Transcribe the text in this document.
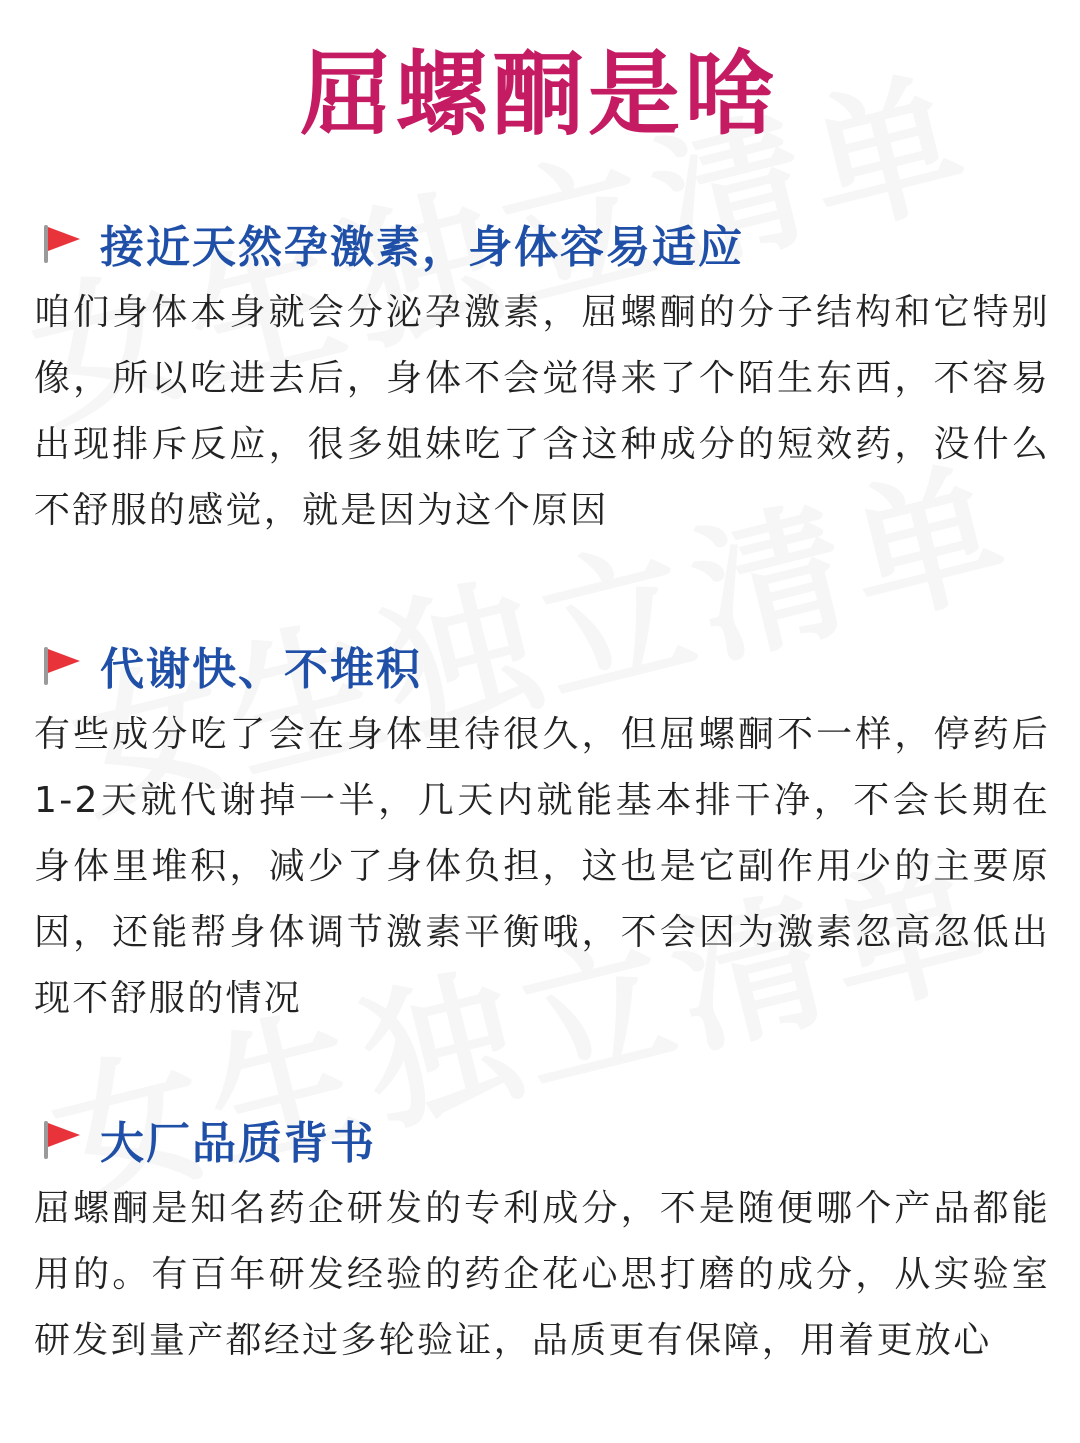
屈螺酮是啥
接近天然孕激素，身体容易适应
咱们身体本身就会分泌孕激素，屈螺酮的分子结构和它特别像，所以吃进去后，身体不会觉得来了个陌生东西，不容易出现排斥反应，很多姐妹吃了含这种成分的短效药，没什么不舒服的感觉，就是因为这个原因
代谢快、不堆积
有些成分吃了会在身体里待很久，但屈螺酮不一样，停药后1-2天就代谢掉一半，几天内就能基本排干净，不会长期在身体里堆积，减少了身体负担，这也是它副作用少的主要原因，还能帮身体调节激素平衡哦，不会因为激素忽高忽低出现不舒服的情况
大厂品质背书
屈螺酮是知名药企研发的专利成分，不是随便哪个产品都能用的。有百年研发经验的药企花心思打磨的成分，从实验室研发到量产都经过多轮验证，品质更有保障，用着更放心
